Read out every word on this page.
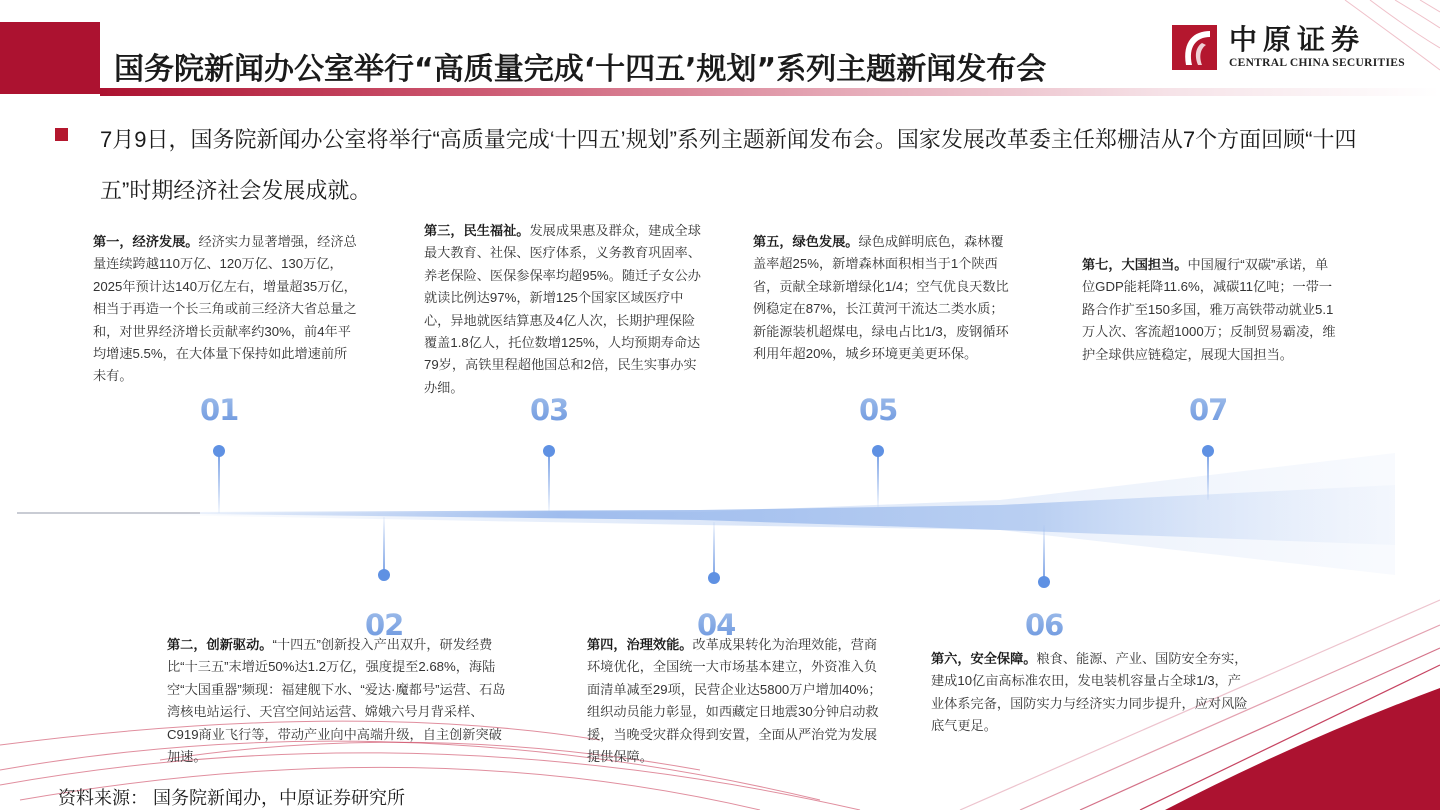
国务院新闻办公室举行“高质量完成‘十四五’规划”系列主题新闻发布会
中原证券
CENTRAL CHINA SECURITIES
7月9日，国务院新闻办公室将举行“高质量完成‘十四五’规划”系列主题新闻发布会。国家发展改革委主任郑栅洁从7个方面回顾“十四五”时期经济社会发展成就。
第一，经济发展。经济实力显著增强，经济总量连续跨越110万亿、120万亿、130万亿，2025年预计达140万亿左右，增量超35万亿，相当于再造一个长三角或前三经济大省总量之和，对世界经济增长贡献率约30%，前4年平均增速5.5%，在大体量下保持如此增速前所未有。
第三，民生福祉。发展成果惠及群众，建成全球最大教育、社保、医疗体系，义务教育巩固率、养老保险、医保参保率均超95%。随迁子女公办就读比例达97%，新增125个国家区域医疗中心，异地就医结算惠及4亿人次，长期护理保险覆盖1.8亿人，托位数增125%，人均预期寿命达79岁，高铁里程超他国总和2倍，民生实事办实办细。
第五，绿色发展。绿色成鲜明底色，森林覆盖率超25%，新增森林面积相当于1个陕西省，贡献全球新增绿化1/4；空气优良天数比例稳定在87%，长江黄河干流达二类水质；新能源装机超煤电，绿电占比1/3，废钢循环利用年超20%，城乡环境更美更环保。
第七，大国担当。中国履行“双碳”承诺，单位GDP能耗降11.6%，减碳11亿吨；一带一路合作扩至150多国，雅万高铁带动就业5.1万人次、客流超1000万；反制贸易霸凌，维护全球供应链稳定，展现大国担当。
01	03	05	07
02	04	06
第二，创新驱动。“十四五”创新投入产出双升，研发经费比“十三五”末增近50%达1.2万亿，强度提至2.68%，海陆空“大国重器”频现：福建舰下水、“爱达·魔都号”运营、石岛湾核电站运行、天宫空间站运营、嫦娥六号月背采样、C919商业飞行等，带动产业向中高端升级，自主创新突破加速。
第四，治理效能。改革成果转化为治理效能，营商环境优化，全国统一大市场基本建立，外资准入负面清单减至29项，民营企业达5800万户增加40%；组织动员能力彰显，如西藏定日地震30分钟启动救援，当晚受灾群众得到安置，全面从严治党为发展提供保障。
第六，安全保障。粮食、能源、产业、国防安全夯实，建成10亿亩高标准农田，发电装机容量占全球1/3，产业体系完备，国防实力与经济实力同步提升，应对风险底气更足。
资料来源： 国务院新闻办，中原证券研究所
